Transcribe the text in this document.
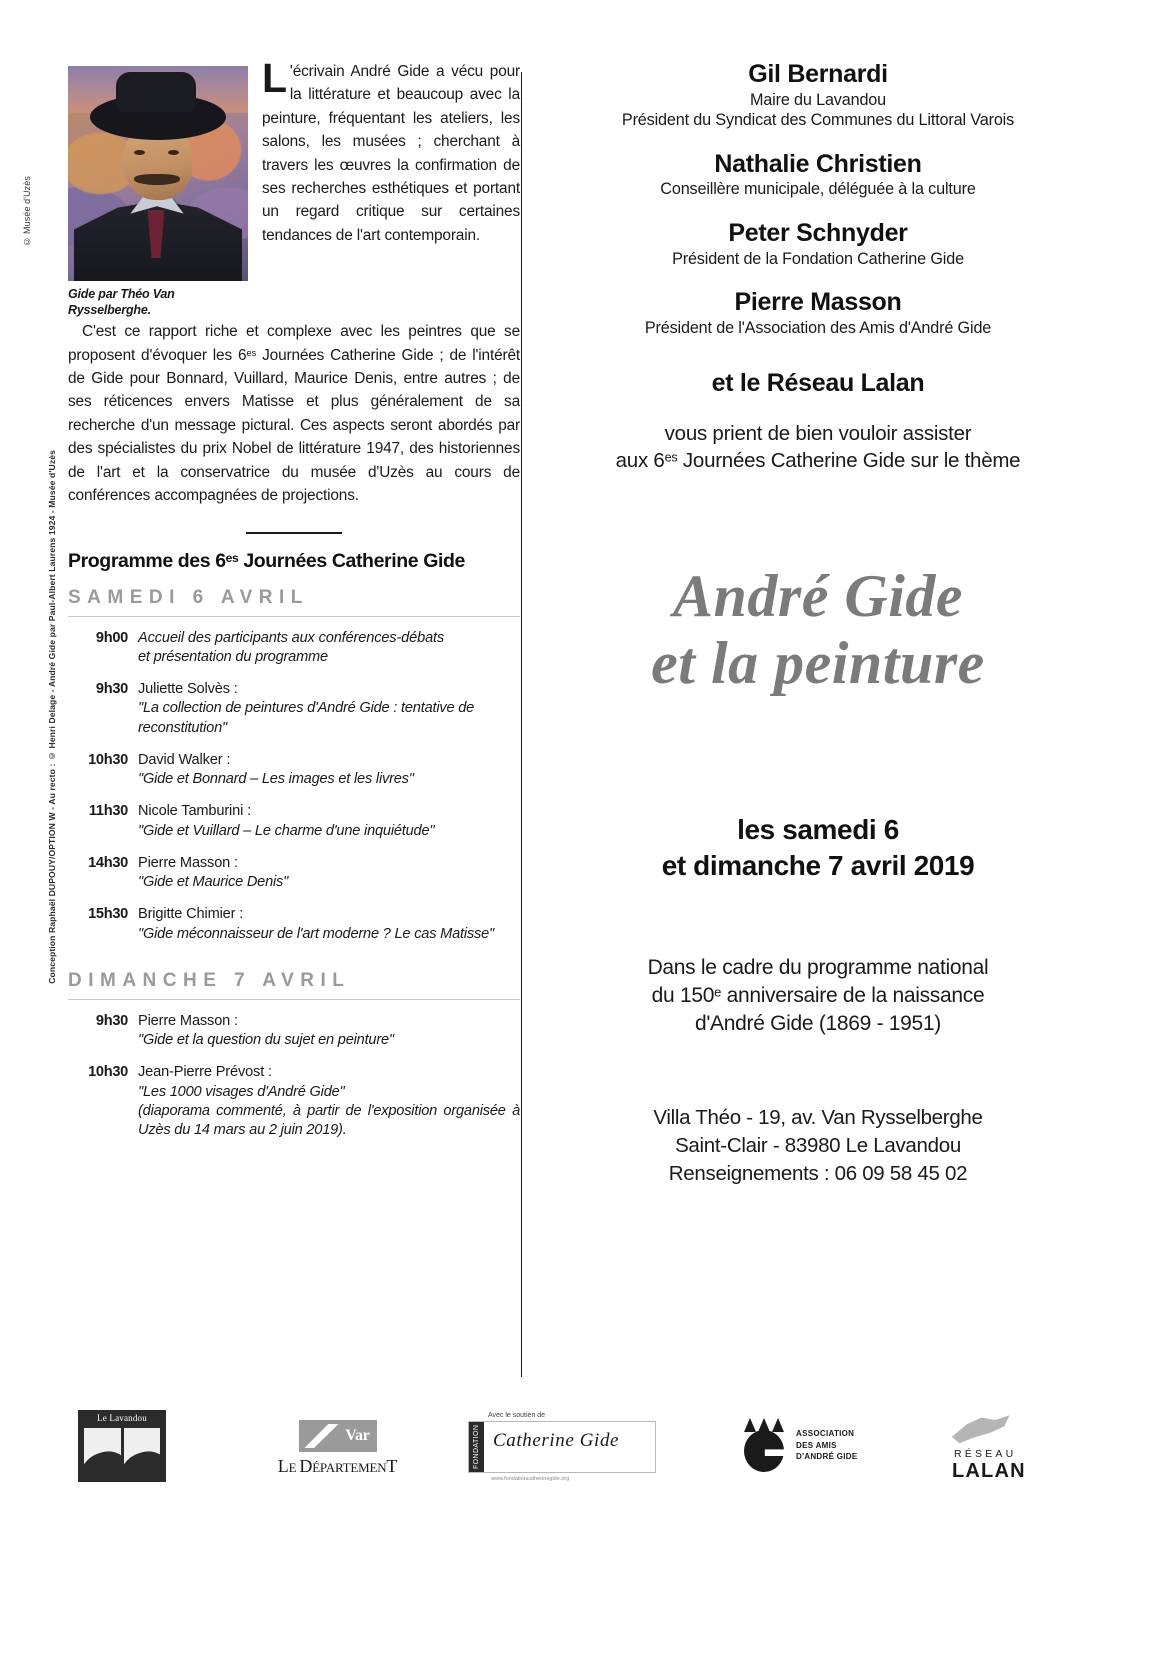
© Musée d'Uzès
Conception Raphaël DUPOUY/OPTION W - Au recto : © Henri Delage - André Gide par Paul-Albert Laurens 1924 - Musée d'Uzès
Gide par Théo Van Rysselberghe.
L 'écrivain André Gide a vécu pour la littérature et beaucoup avec la peinture, fréquentant les ateliers, les salons, les musées ; cherchant à travers les œuvres la confirmation de ses recherches esthétiques et portant un regard critique sur certaines tendances de l'art contemporain.
C'est ce rapport riche et complexe avec les peintres que se proposent d'évoquer les $6^{es}$ Journées Catherine Gide ; de l'intérêt de Gide pour Bonnard, Vuillard, Maurice Denis, entre autres ; de ses réticences envers Matisse et plus généralement de sa recherche d'un message pictural. Ces aspects seront abordés par des spécialistes du prix Nobel de littérature 1947, des historiennes de l'art et la conservatrice du musée d'Uzès au cours de conférences accompagnées de projections.
Programme des $6^{es}$ Journées Catherine Gide
SAMEDI 6 AVRIL
9h00 Accueil des participants aux conférences-débats
et présentation du programme
9h30 Juliette Solvès :
"La collection de peintures d'André Gide : tentative de reconstitution"
10h30 David Walker :
"Gide et Bonnard – Les images et les livres"
11h30 Nicole Tamburini :
"Gide et Vuillard – Le charme d'une inquiétude"
14h30 Pierre Masson :
"Gide et Maurice Denis"
15h30 Brigitte Chimier :
"Gide méconnaisseur de l'art moderne ? Le cas Matisse"
DIMANCHE 7 AVRIL
9h30 Pierre Masson :
"Gide et la question du sujet en peinture"
10h30 Jean-Pierre Prévost :
"Les 1000 visages d'André Gide"
(diaporama commenté, à partir de l'exposition organisée à Uzès du 14 mars au 2 juin 2019).
Gil Bernardi
Maire du Lavandou
Président du Syndicat des Communes du Littoral Varois
Nathalie Christien
Conseillère municipale, déléguée à la culture
Peter Schnyder
Président de la Fondation Catherine Gide
Pierre Masson
Président de l'Association des Amis d'André Gide
et le Réseau Lalan
vous prient de bien vouloir assister
aux $6^{es}$ Journées Catherine Gide sur le thème
André Gide
et la peinture
les samedi 6
et dimanche 7 avril 2019
Dans le cadre du programme national
du 150e anniversaire de la naissance
d'André Gide (1869 - 1951)
Villa Théo - 19, av. Van Rysselberghe
Saint-Clair - 83980 Le Lavandou
Renseignements : 06 09 58 45 02
Le Lavandou
Var
LE DÉPARTEMENT
Avec le soutien de
FONDATION Catherine Gide
www.fondationcatherinegide.org
ASSOCIATION
DES AMIS
D'ANDRÉ GIDE	RÉSEAU
LALAN
